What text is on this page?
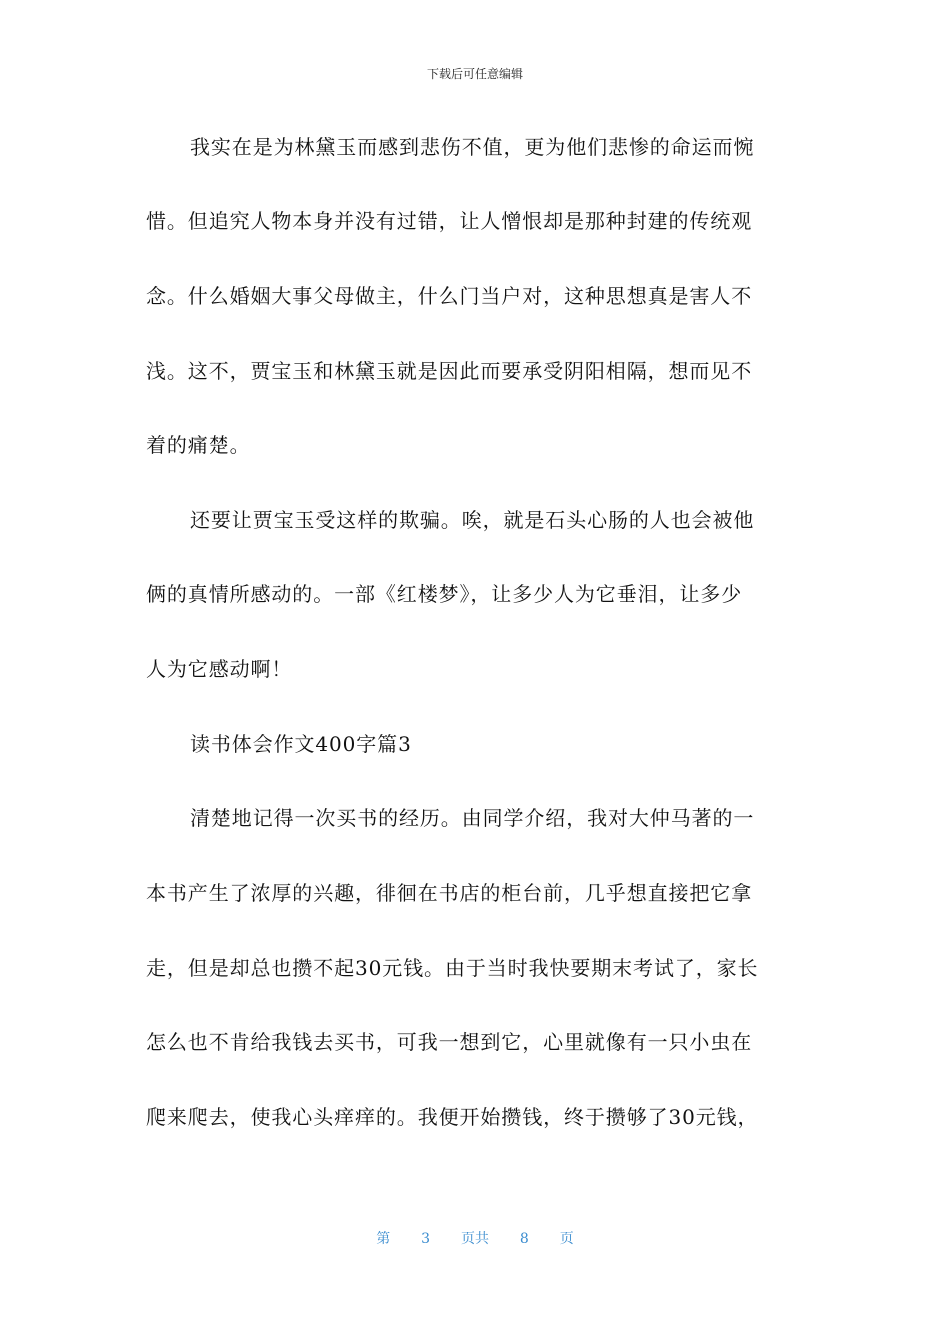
下载后可任意编辑
我实在是为林黛玉而感到悲伤不值，更为他们悲惨的命运而惋
惜。但追究人物本身并没有过错，让人憎恨却是那种封建的传统观
念。什么婚姻大事父母做主，什么门当户对，这种思想真是害人不
浅。这不，贾宝玉和林黛玉就是因此而要承受阴阳相隔，想而见不
着的痛楚。
还要让贾宝玉受这样的欺骗。唉，就是石头心肠的人也会被他
俩的真情所感动的。一部《红楼梦》，让多少人为它垂泪，让多少
人为它感动啊！
读书体会作文400字篇3
清楚地记得一次买书的经历。由同学介绍，我对大仲马著的一
本书产生了浓厚的兴趣，徘徊在书店的柜台前，几乎想直接把它拿
走，但是却总也攒不起30元钱。由于当时我快要期末考试了，家长
怎么也不肯给我钱去买书，可我一想到它，心里就像有一只小虫在
爬来爬去，使我心头痒痒的。我便开始攒钱，终于攒够了30元钱，
第 3 页共 8 页
